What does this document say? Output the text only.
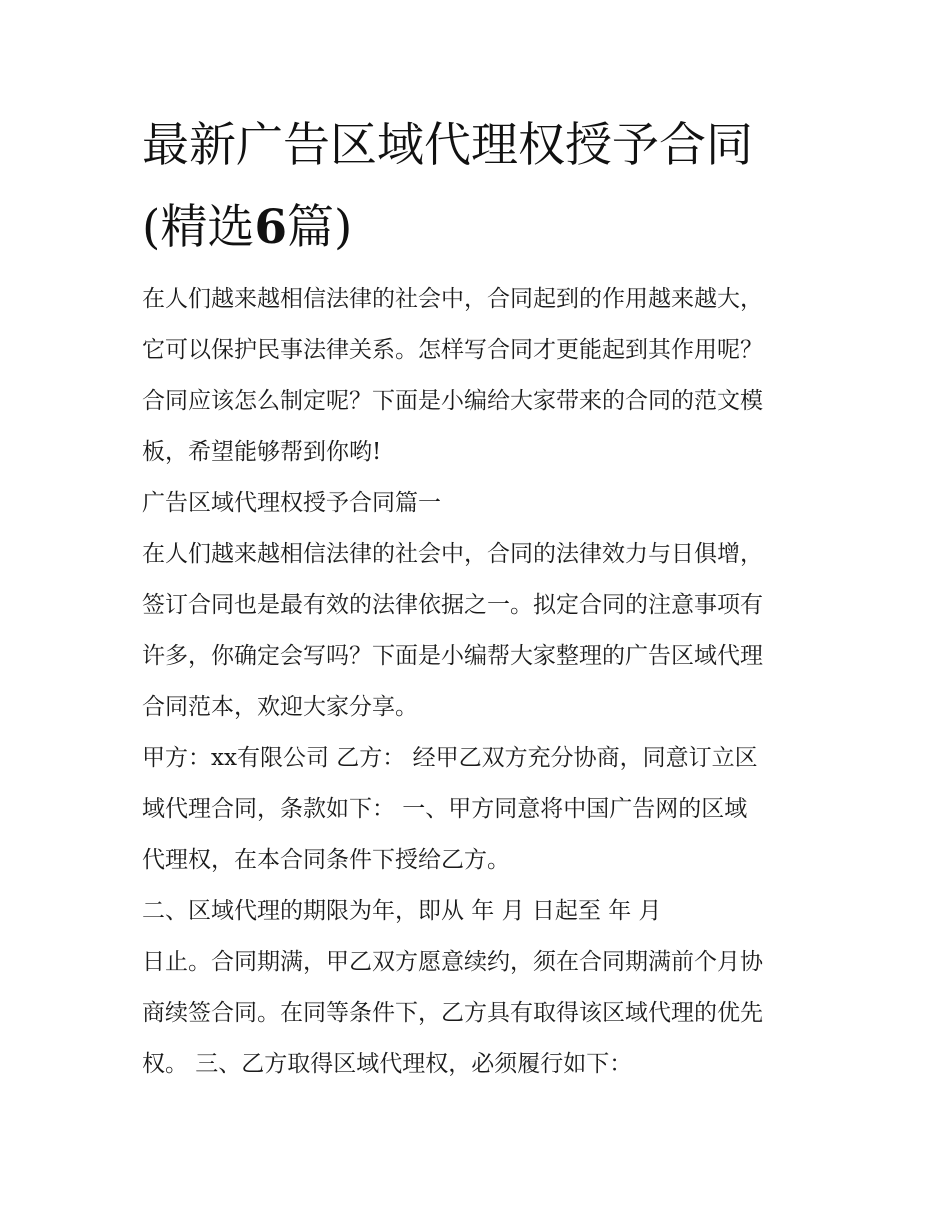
最新广告区域代理权授予合同
(精选6篇)

在人们越来越相信法律的社会中，合同起到的作用越来越大，

它可以保护民事法律关系。怎样写合同才更能起到其作用呢？

合同应该怎么制定呢？下面是小编给大家带来的合同的范文模

板，希望能够帮到你哟!

广告区域代理权授予合同篇一

在人们越来越相信法律的社会中，合同的法律效力与日俱增，

签订合同也是最有效的法律依据之一。拟定合同的注意事项有

许多，你确定会写吗？下面是小编帮大家整理的广告区域代理

合同范本，欢迎大家分享。

甲方：xx有限公司 乙方： 经甲乙双方充分协商，同意订立区

域代理合同，条款如下： 一、甲方同意将中国广告网的区域

代理权，在本合同条件下授给乙方。

二、区域代理的期限为年，即从 年 月 日起至 年 月

日止。合同期满，甲乙双方愿意续约，须在合同期满前个月协

商续签合同。在同等条件下，乙方具有取得该区域代理的优先

权。 三、乙方取得区域代理权，必须履行如下：
